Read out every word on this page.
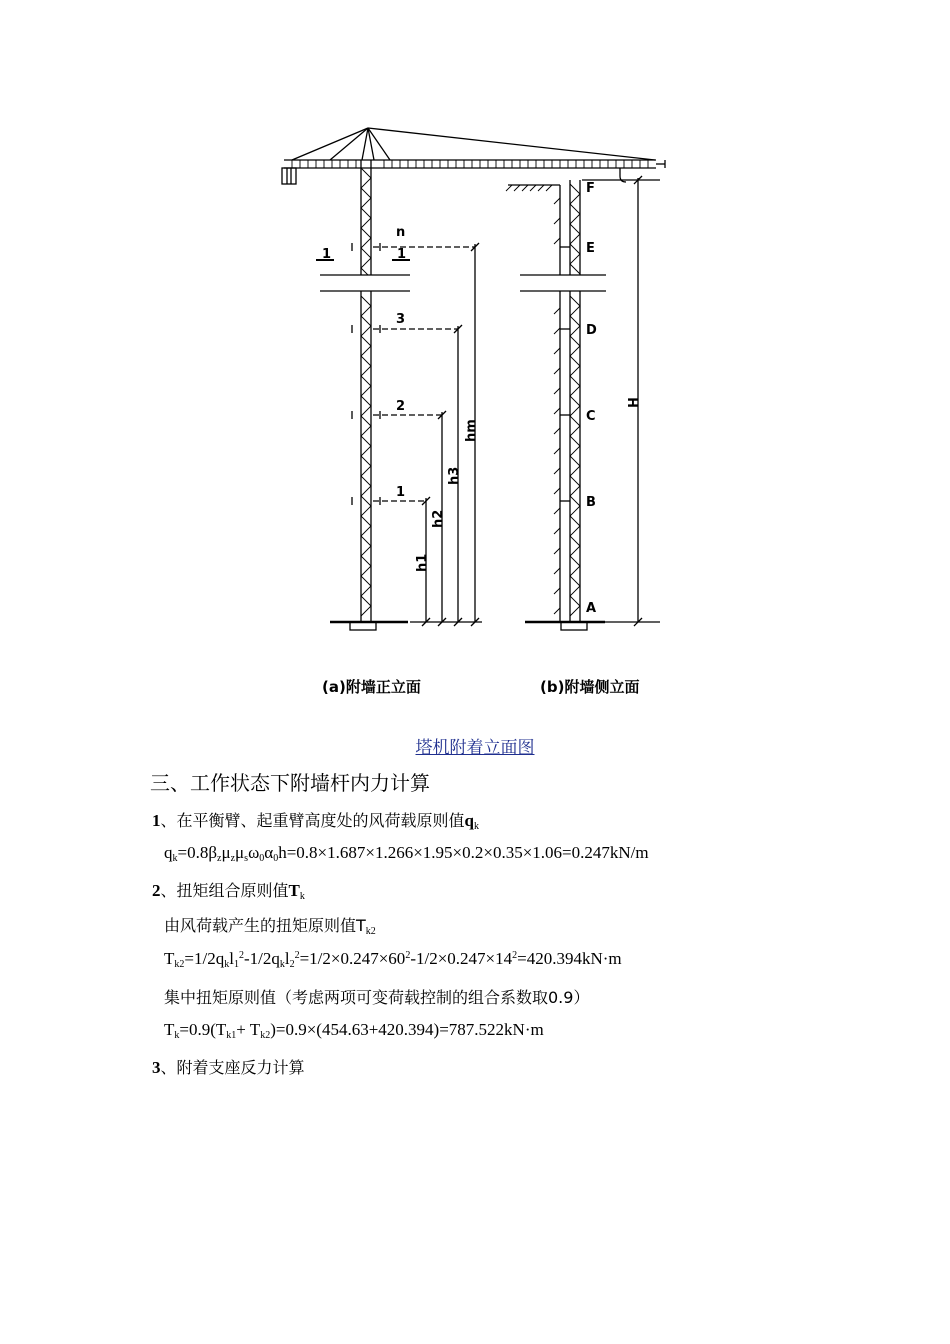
n
1
1
3
2
1
hm
h3
h2
h1
F
E
D
C
B
A
H
(a)附墙正立面	(b)附墙侧立面
塔机附着立面图
三、工作状态下附墙杆内力计算
1、在平衡臂、起重臂高度处的风荷载原则值$q_k$
$q_k=0.8\beta_z\mu_z\mu_s\omega_0\alpha_0h=0.8\times 1.687\times 1.266\times 1.95\times 0.2\times 0.35\times 1.06=0.247kN/m$
2、扭矩组合原则值$T_k$
由风荷载产生的扭矩原则值$T_{k2}$
$T_{k2}=1/2q_kl_1^2-1/2q_kl_2^2=1/2\times 0.247\times 60^2-1/2\times 0.247\times 14^2=420.394kN\cdot m$
集中扭矩原则值（考虑两项可变荷载控制的组合系数取0.9）
$T_k=0.9(T_{k1}+ T_{k2})=0.9\times(454.63+420.394)=787.522kN\cdot m$
3、附着支座反力计算
